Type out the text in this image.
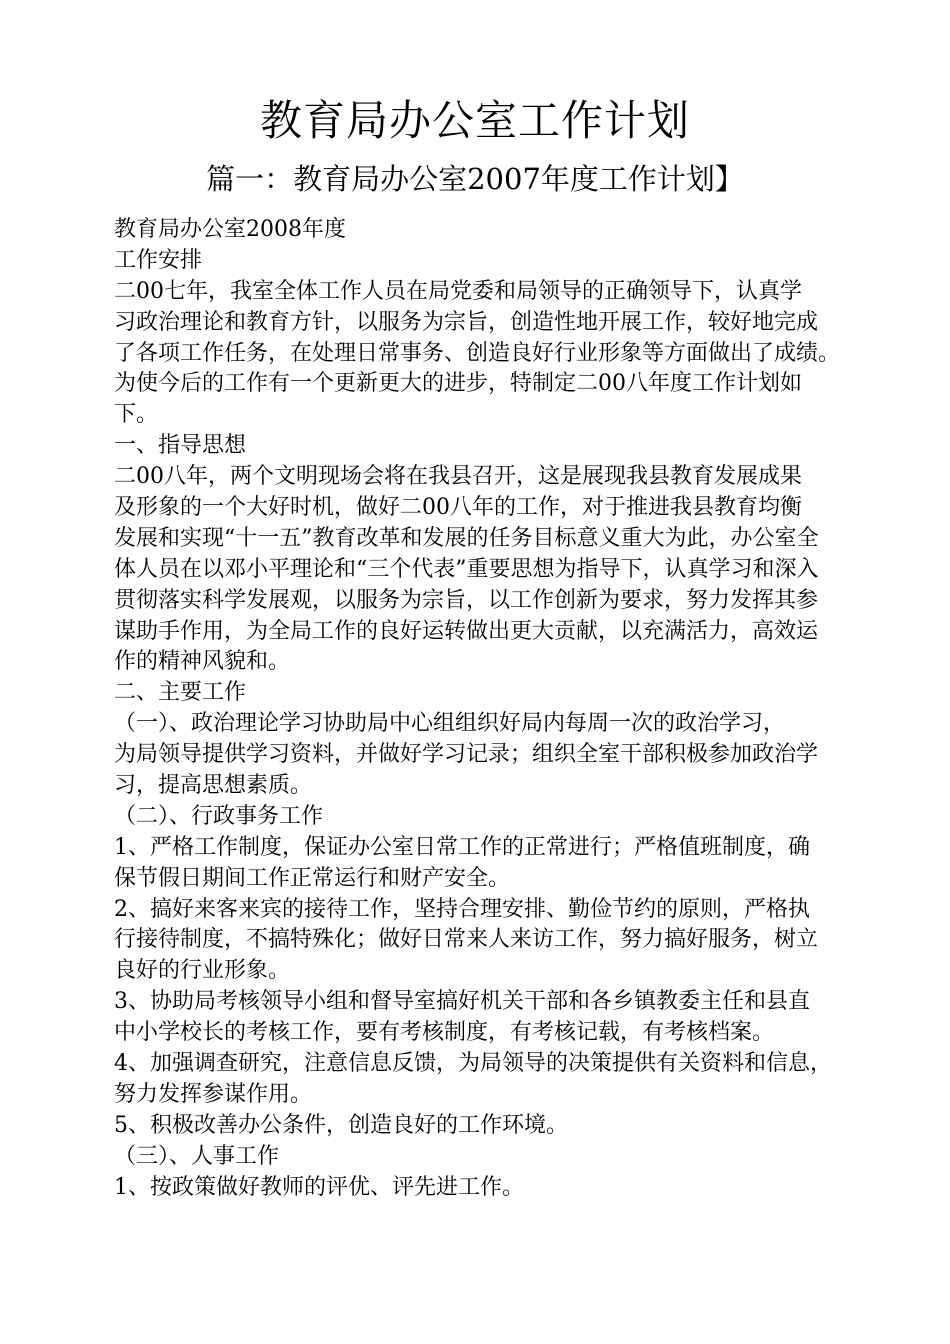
教育局办公室工作计划
篇一：教育局办公室2007年度工作计划】
教育局办公室2008年度
工作安排
二00七年，我室全体工作人员在局党委和局领导的正确领导下，认真学
习政治理论和教育方针，以服务为宗旨，创造性地开展工作，较好地完成
了各项工作任务，在处理日常事务、创造良好行业形象等方面做出了成绩。
为使今后的工作有一个更新更大的进步，特制定二00八年度工作计划如
下。
一、指导思想
二00八年，两个文明现场会将在我县召开，这是展现我县教育发展成果
及形象的一个大好时机，做好二00八年的工作，对于推进我县教育均衡
发展和实现“十一五”教育改革和发展的任务目标意义重大为此，办公室全
体人员在以邓小平理论和“三个代表”重要思想为指导下，认真学习和深入
贯彻落实科学发展观，以服务为宗旨，以工作创新为要求，努力发挥其参
谋助手作用，为全局工作的良好运转做出更大贡献，以充满活力，高效运
作的精神风貌和。
二、主要工作
（一）、政治理论学习协助局中心组组织好局内每周一次的政治学习，
为局领导提供学习资料，并做好学习记录；组织全室干部积极参加政治学
习，提高思想素质。
（二）、行政事务工作
1、严格工作制度，保证办公室日常工作的正常进行；严格值班制度，确
保节假日期间工作正常运行和财产安全。
2、搞好来客来宾的接待工作，坚持合理安排、勤俭节约的原则，严格执
行接待制度，不搞特殊化；做好日常来人来访工作，努力搞好服务，树立
良好的行业形象。
3、协助局考核领导小组和督导室搞好机关干部和各乡镇教委主任和县直
中小学校长的考核工作，要有考核制度，有考核记载，有考核档案。
4、加强调查研究，注意信息反馈，为局领导的决策提供有关资料和信息，
努力发挥参谋作用。
5、积极改善办公条件，创造良好的工作环境。
（三）、人事工作
1、按政策做好教师的评优、评先进工作。
